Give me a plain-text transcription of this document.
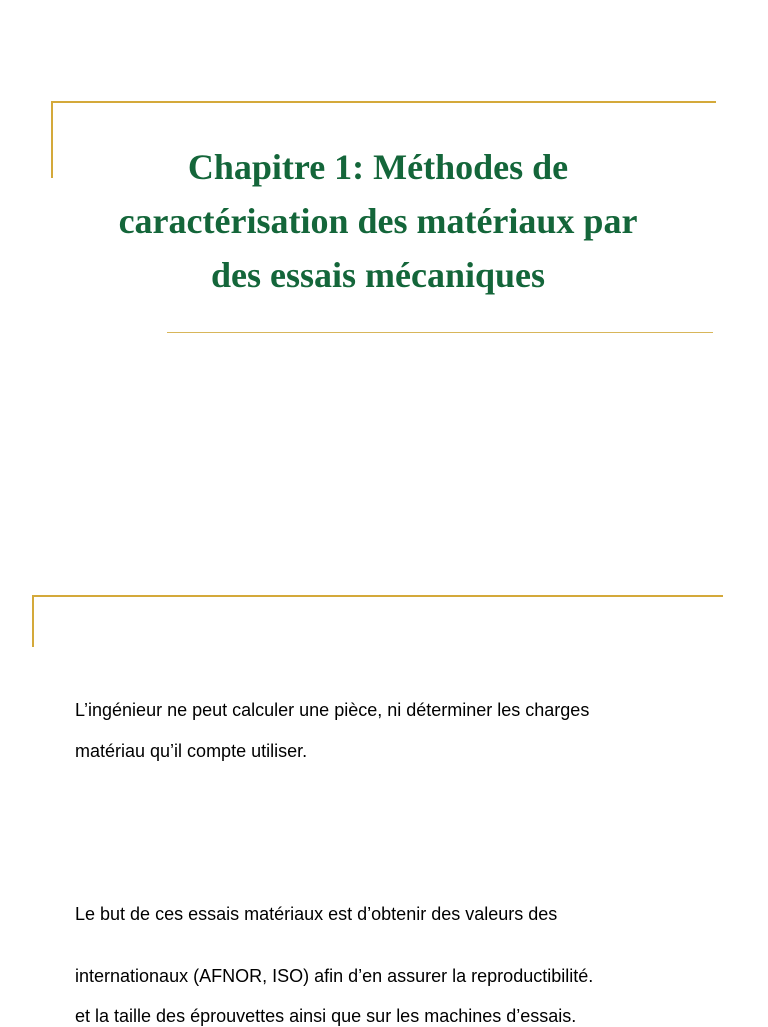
Chapitre 1: Méthodes de
caractérisation des matériaux par
des essais mécaniques

L’ingénieur ne peut calculer une pièce, ni déterminer les charges

matériau qu’il compte utiliser.

Le but de ces essais matériaux est d’obtenir des valeurs des

internationaux (AFNOR, ISO) afin d’en assurer la reproductibilité.

et la taille des éprouvettes ainsi que sur les machines d’essais.
